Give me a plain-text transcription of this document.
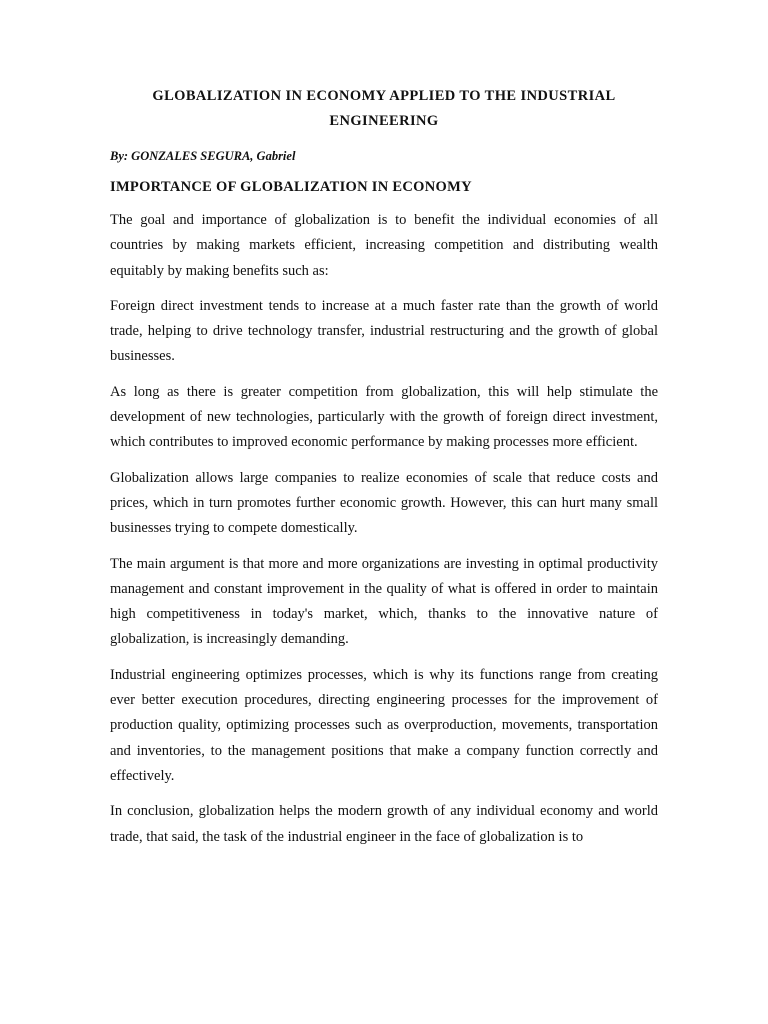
GLOBALIZATION IN ECONOMY APPLIED TO THE INDUSTRIAL ENGINEERING

By: GONZALES SEGURA, Gabriel

IMPORTANCE OF GLOBALIZATION IN ECONOMY

The goal and importance of globalization is to benefit the individual economies of all countries by making markets efficient, increasing competition and distributing wealth equitably by making benefits such as:

Foreign direct investment tends to increase at a much faster rate than the growth of world trade, helping to drive technology transfer, industrial restructuring and the growth of global businesses.

As long as there is greater competition from globalization, this will help stimulate the development of new technologies, particularly with the growth of foreign direct investment, which contributes to improved economic performance by making processes more efficient.

Globalization allows large companies to realize economies of scale that reduce costs and prices, which in turn promotes further economic growth. However, this can hurt many small businesses trying to compete domestically.

The main argument is that more and more organizations are investing in optimal productivity management and constant improvement in the quality of what is offered in order to maintain high competitiveness in today's market, which, thanks to the innovative nature of globalization, is increasingly demanding.

Industrial engineering optimizes processes, which is why its functions range from creating ever better execution procedures, directing engineering processes for the improvement of production quality, optimizing processes such as overproduction, movements, transportation and inventories, to the management positions that make a company function correctly and effectively.

In conclusion, globalization helps the modern growth of any individual economy and world trade, that said, the task of the industrial engineer in the face of globalization is to
